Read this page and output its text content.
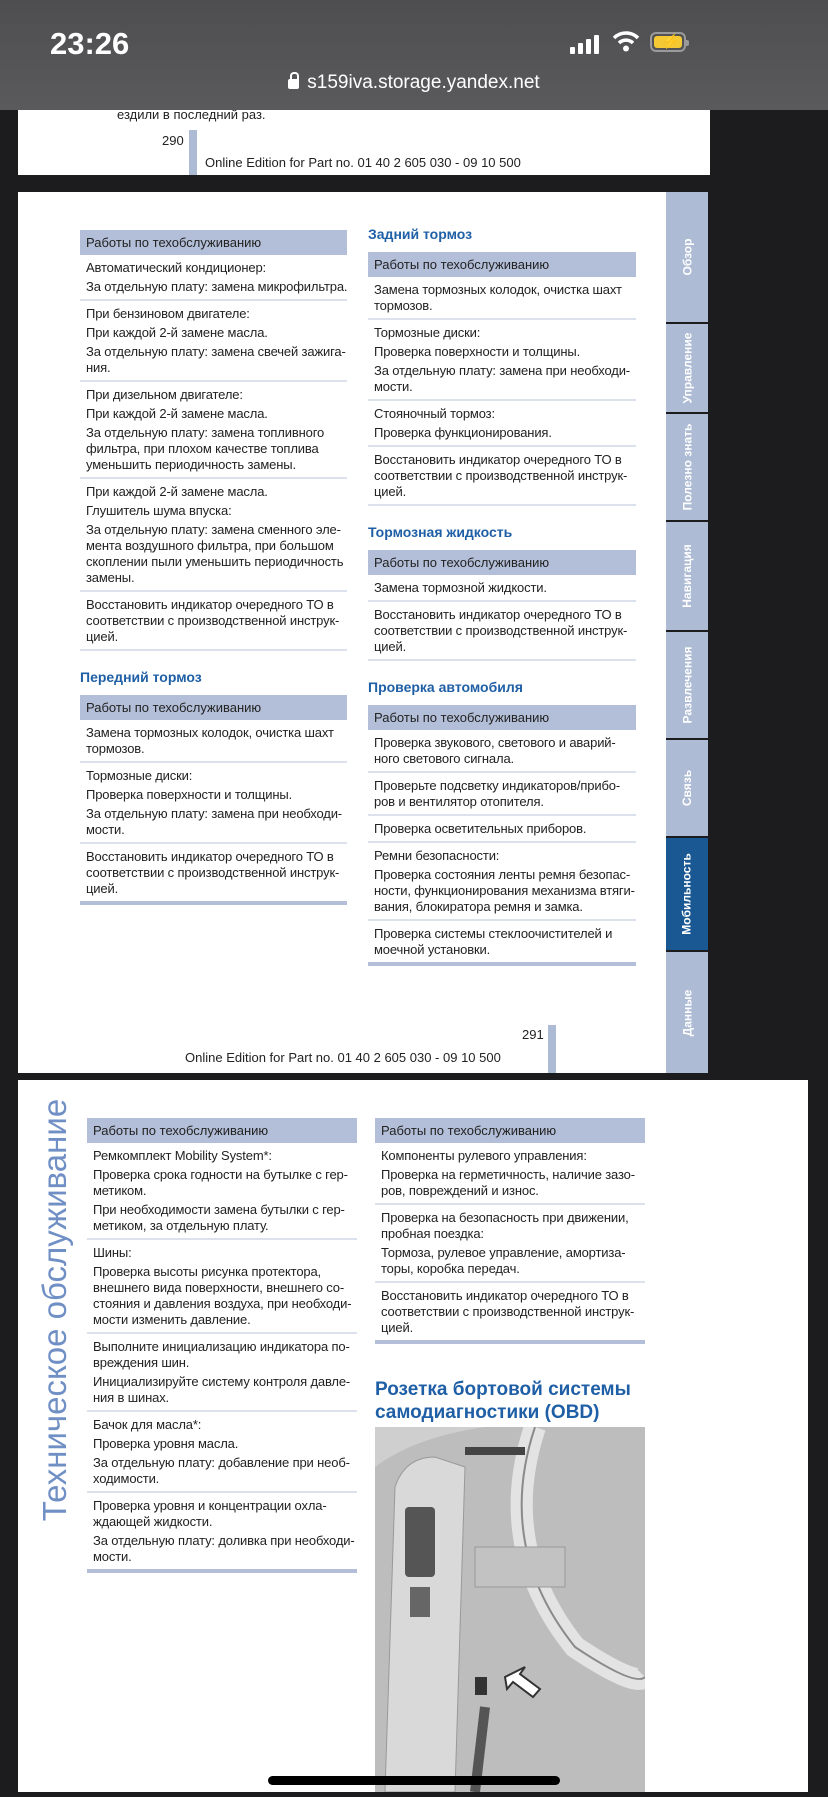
23:26	⚡
s159iva.storage.yandex.net
ездили в последний раз.
290
Online Edition for Part no. 01 40 2 605 030 - 09 10 500
Работы по техобслуживанию

Автоматический кондиционер:

За отдельную плату: замена микрофильтра.

При бензиновом двигателе:

При каждой 2-й замене масла.

За отдельную плату: замена свечей зажига-
ния.

При дизельном двигателе:

При каждой 2-й замене масла.

За отдельную плату: замена топливного
фильтра, при плохом качестве топлива
уменьшить периодичность замены.

При каждой 2-й замене масла.

Глушитель шума впуска:

За отдельную плату: замена сменного эле-
мента воздушного фильтра, при большом
скоплении пыли уменьшить периодичность
замены.

Восстановить индикатор очередного ТО в
соответствии с производственной инструк-
цией.

Передний тормоз
Работы по техобслуживанию

Замена тормозных колодок, очистка шахт
тормозов.

Тормозные диски:

Проверка поверхности и толщины.

За отдельную плату: замена при необходи-
мости.

Восстановить индикатор очередного ТО в
соответствии с производственной инструк-
цией.

Задний тормоз
Работы по техобслуживанию

Замена тормозных колодок, очистка шахт
тормозов.

Тормозные диски:

Проверка поверхности и толщины.

За отдельную плату: замена при необходи-
мости.

Стояночный тормоз:

Проверка функционирования.

Восстановить индикатор очередного ТО в
соответствии с производственной инструк-
цией.

Тормозная жидкость
Работы по техобслуживанию

Замена тормозной жидкости.

Восстановить индикатор очередного ТО в
соответствии с производственной инструк-
цией.

Проверка автомобиля
Работы по техобслуживанию

Проверка звукового, светового и аварий-
ного светового сигнала.

Проверьте подсветку индикаторов/прибо-
ров и вентилятор отопителя.

Проверка осветительных приборов.

Ремни безопасности:

Проверка состояния ленты ремня безопас-
ности, функционирования механизма втяги-
вания, блокиратора ремня и замка.

Проверка системы стеклоочистителей и
моечной установки.

291
Online Edition for Part no. 01 40 2 605 030 - 09 10 500
Обзор
Управление
Полезно знать
Навигация
Развлечения
Связь
Мобильность
Данные
Техническое обслуживание	Работы по техобслуживанию

Ремкомплект Mobility System*:

Проверка срока годности на бутылке с гер-
метиком.

При необходимости замена бутылки с гер-
метиком, за отдельную плату.

Шины:

Проверка высоты рисунка протектора,
внешнего вида поверхности, внешнего со-
стояния и давления воздуха, при необходи-
мости изменить давление.

Выполните инициализацию индикатора по-
вреждения шин.

Инициализируйте систему контроля давле-
ния в шинах.

Бачок для масла*:

Проверка уровня масла.

За отдельную плату: добавление при необ-
ходимости.

Проверка уровня и концентрации охла-
ждающей жидкости.

За отдельную плату: доливка при необходи-
мости.

Работы по техобслуживанию

Компоненты рулевого управления:

Проверка на герметичность, наличие зазо-
ров, повреждений и износ.

Проверка на безопасность при движении,
пробная поездка:

Тормоза, рулевое управление, амортиза-
торы, коробка передач.

Восстановить индикатор очередного ТО в
соответствии с производственной инструк-
цией.

Розетка бортовой системы
самодиагностики (OBD)
